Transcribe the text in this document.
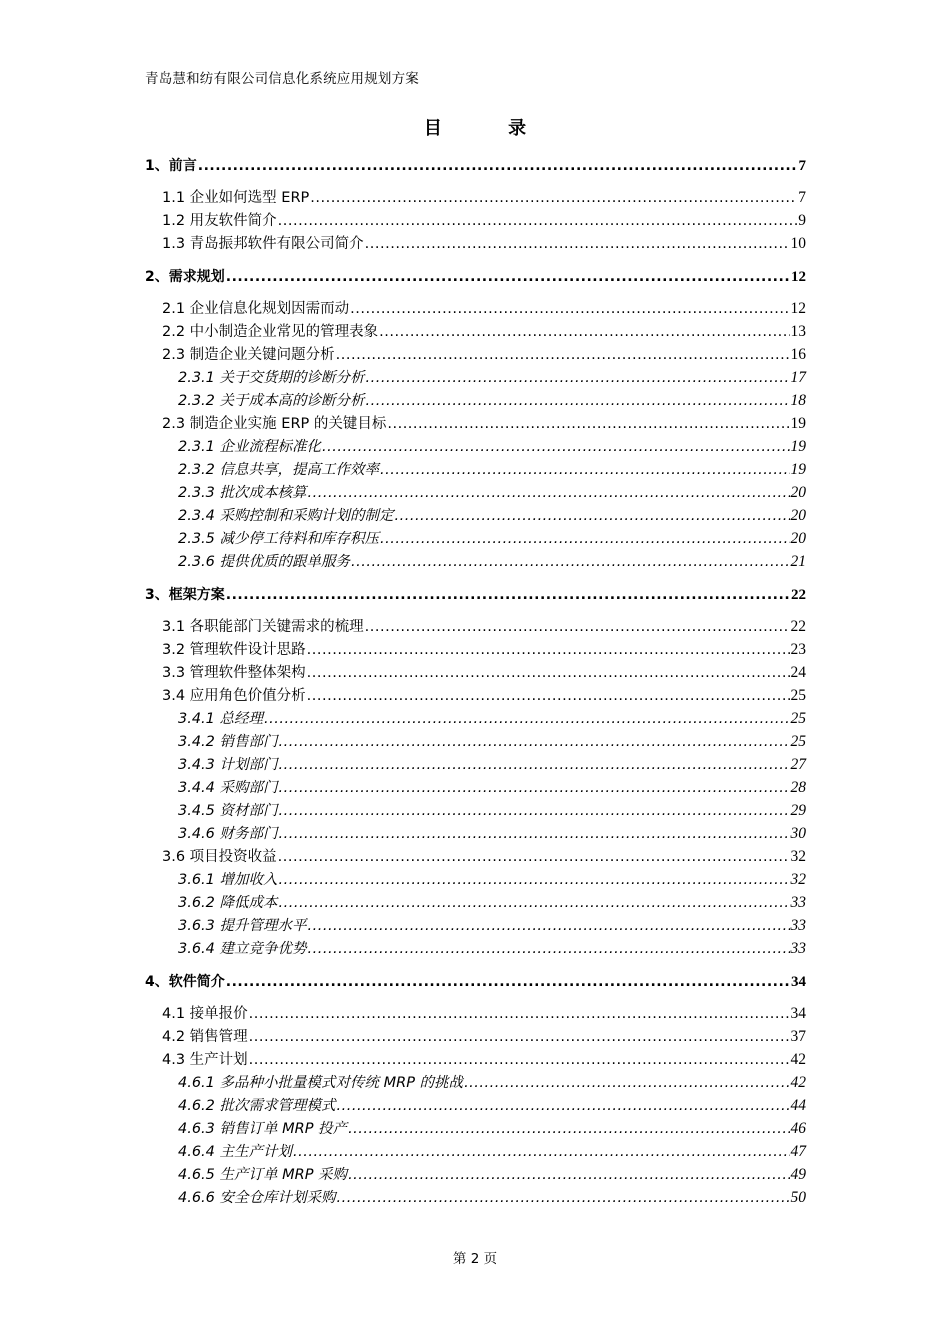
青岛慧和纺有限公司信息化系统应用规划方案
目 录
1、前言 .....	7
1.1 企业如何选型 ERP .....	7
1.2 用友软件简介 .....	9
1.3 青岛振邦软件有限公司简介 .....	10
2、需求规划 .....	12
2.1 企业信息化规划因需而动 .....	12
2.2 中小制造企业常见的管理表象 .....	13
2.3 制造企业关键问题分析 .....	16
2.3.1 关于交货期的诊断分析 .....	17
2.3.2 关于成本高的诊断分析 .....	18
2.3 制造企业实施 ERP 的关键目标 .....	19
2.3.1 企业流程标准化 .....	19
2.3.2 信息共享，提高工作效率 .....	19
2.3.3 批次成本核算 .....	20
2.3.4 采购控制和采购计划的制定 .....	20
2.3.5 减少停工待料和库存积压 .....	20
2.3.6 提供优质的跟单服务 .....	21
3、框架方案 .....	22
3.1 各职能部门关键需求的梳理 .....	22
3.2 管理软件设计思路 .....	23
3.3 管理软件整体架构 .....	24
3.4 应用角色价值分析 .....	25
3.4.1 总经理 .....	25
3.4.2 销售部门 .....	25
3.4.3 计划部门 .....	27
3.4.4 采购部门 .....	28
3.4.5 资材部门 .....	29
3.4.6 财务部门 .....	30
3.6 项目投资收益 .....	32
3.6.1 增加收入 .....	32
3.6.2 降低成本 .....	33
3.6.3 提升管理水平 .....	33
3.6.4 建立竞争优势 .....	33
4、软件简介 .....	34
4.1 接单报价 .....	34
4.2 销售管理 .....	37
4.3 生产计划 .....	42
4.6.1 多品种小批量模式对传统 MRP 的挑战 .....	42
4.6.2 批次需求管理模式 .....	44
4.6.3 销售订单 MRP 投产 .....	46
4.6.4 主生产计划 .....	47
4.6.5 生产订单 MRP 采购 .....	49
4.6.6 安全仓库计划采购 .....	50
第 2 页
